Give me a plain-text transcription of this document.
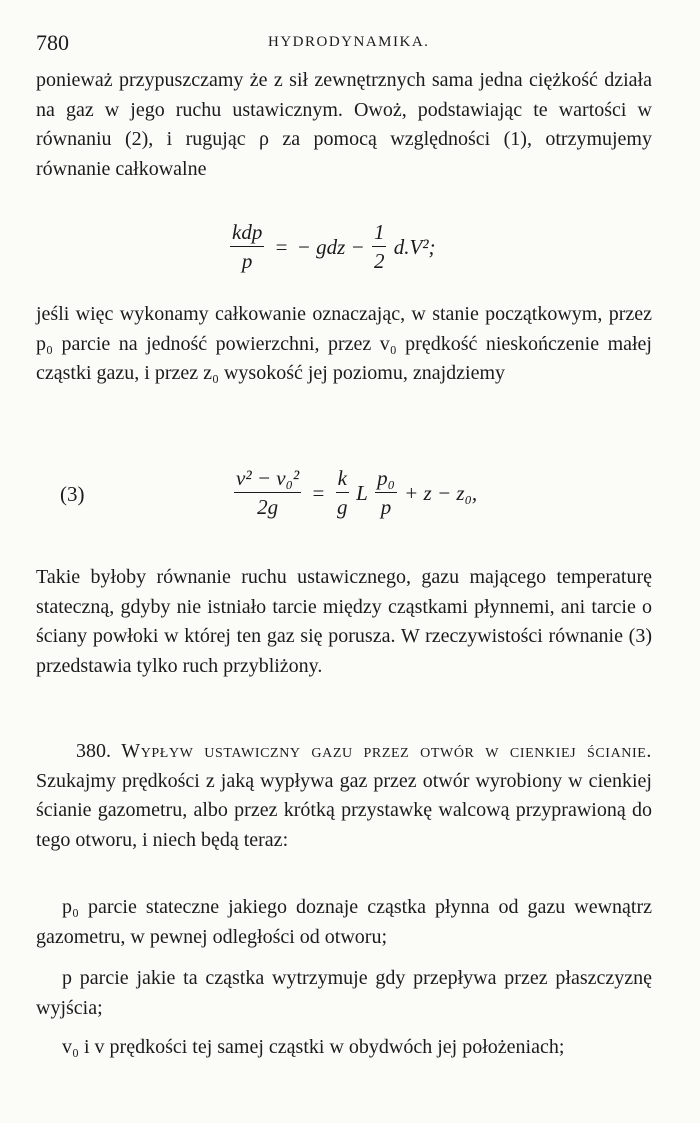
780	HYDRODYNAMIKA.
ponieważ przypuszczamy że z sił zewnętrznych sama jedna ciężkość działa na gaz w jego ruchu ustawicznym. Owoż, podstawiając te wartości w równaniu (2), i rugując ρ za pomocą względności (1), otrzymujemy równanie całkowalne
$\frac{\text{kdp}}{p}$ = − gdz − $\frac{1}{2} d.V^2$;
jeśli więc wykonamy całkowanie oznaczając, w stanie początkowym, przez p₀ parcie na jedność powierzchni, przez v₀ prędkość nieskończenie małej cząstki gazu, i przez z₀ wysokość jej poziomu, znajdziemy
(3)	$\frac{\text{v² − v₀²}}{2g} = \frac{k}{g}$ L $\frac{\text{p₀}}{p} + z - z_0$,
Takie byłoby równanie ruchu ustawicznego, gazu mającego temperaturę stateczną, gdyby nie istniało tarcie między cząstkami płynnemi, ani tarcie o ściany powłoki w której ten gaz się porusza. W rzeczywistości równanie (3) przedstawia tylko ruch przybliżony.
380. Wypływ ustawiczny gazu przez otwór w cienkiej ścianie. Szukajmy prędkości z jaką wypływa gaz przez otwór wyrobiony w cienkiej ścianie gazometru, albo przez krótką przystawkę walcową przyprawioną do tego otworu, i niech będą teraz:
p₀ parcie stateczne jakiego doznaje cząstka płynna od gazu wewnątrz gazometru, w pewnej odległości od otworu;
p parcie jakie ta cząstka wytrzymuje gdy przepływa przez płaszczyznę wyjścia;
v₀ i v prędkości tej samej cząstki w obydwóch jej położeniach;
